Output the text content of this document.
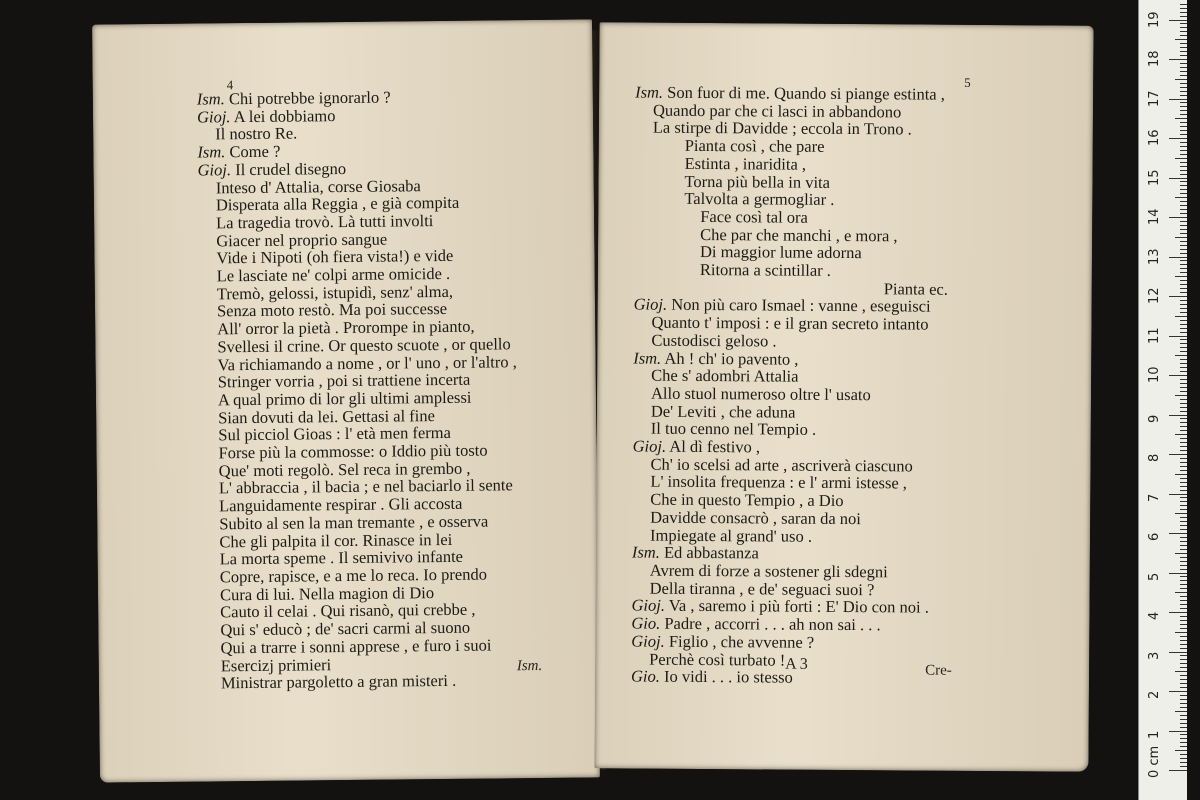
4
Ism. Chi potrebbe ignorarlo ?
Gioj. A lei dobbiamo
Il nostro Re.
Ism. Come ?
Gioj. Il crudel disegno
Inteso d' Attalia, corse Giosaba
Disperata alla Reggia , e già compita
La tragedia trovò. Là tutti involti
Giacer nel proprio sangue
Vide i Nipoti (oh fiera vista!) e vide
Le lasciate ne' colpi arme omicide .
Tremò, gelossi, istupidì, senz' alma,
Senza moto restò. Ma poi successe
All' orror la pietà . Prorompe in pianto,
Svellesi il crine. Or questo scuote , or quello
Va richiamando a nome , or l' uno , or l'altro ,
Stringer vorria , poi si trattiene incerta
A qual primo di lor gli ultimi amplessi
Sian dovuti da lei. Gettasi al fine
Sul picciol Gioas : l' età men ferma
Forse più la commosse: o Iddio più tosto
Que' moti regolò. Sel reca in grembo ,
L' abbraccia , il bacia ; e nel baciarlo il sente
Languidamente respirar . Gli accosta
Subito al sen la man tremante , e osserva
Che gli palpita il cor. Rinasce in lei
La morta speme . Il semivivo infante
Copre, rapisce, e a me lo reca. Io prendo
Cura di lui. Nella magion di Dio
Cauto il celai . Qui risanò, qui crebbe ,
Qui s' educò ; de' sacri carmi al suono
Qui a trarre i sonni apprese , e furo i suoi
Esercizj primieri
Ministrar pargoletto a gran misteri .
Ism.
5
Ism. Son fuor di me. Quando si piange estinta ,
Quando par che ci lasci in abbandono
La stirpe di Davidde ; eccola in Trono .
Pianta così , che pare
Estinta , inaridita ,
Torna più bella in vita
Talvolta a germogliar .
Face così tal ora
Che par che manchi , e mora ,
Di maggior lume adorna
Ritorna a scintillar .
Pianta ec.
Gioj. Non più caro Ismael : vanne , eseguisci
Quanto t' imposi : e il gran secreto intanto
Custodisci geloso .
Ism. Ah ! ch' io pavento ,
Che s' adombri Attalia
Allo stuol numeroso oltre l' usato
De' Leviti , che aduna
Il tuo cenno nel Tempio .
Gioj. Al dì festivo ,
Ch' io scelsi ad arte , ascriverà ciascuno
L' insolita frequenza : e l' armi istesse ,
Che in questo Tempio , a Dio
Davidde consacrò , saran da noi
Impiegate al grand' uso .
Ism. Ed abbastanza
Avrem di forze a sostener gli sdegni
Della tiranna , e de' seguaci suoi ?
Gioj. Va , saremo i più forti : E' Dio con noi .
Gio. Padre , accorri . . . ah non sai . . .
Gioj. Figlio , che avvenne ?
Perchè così turbato !
Gio. Io vidi . . . io stesso
A 3	Cre-
0 cm
1
2
3
4
5
6
7
8
9
10
11
12
13
14
15
16
17
18
19
